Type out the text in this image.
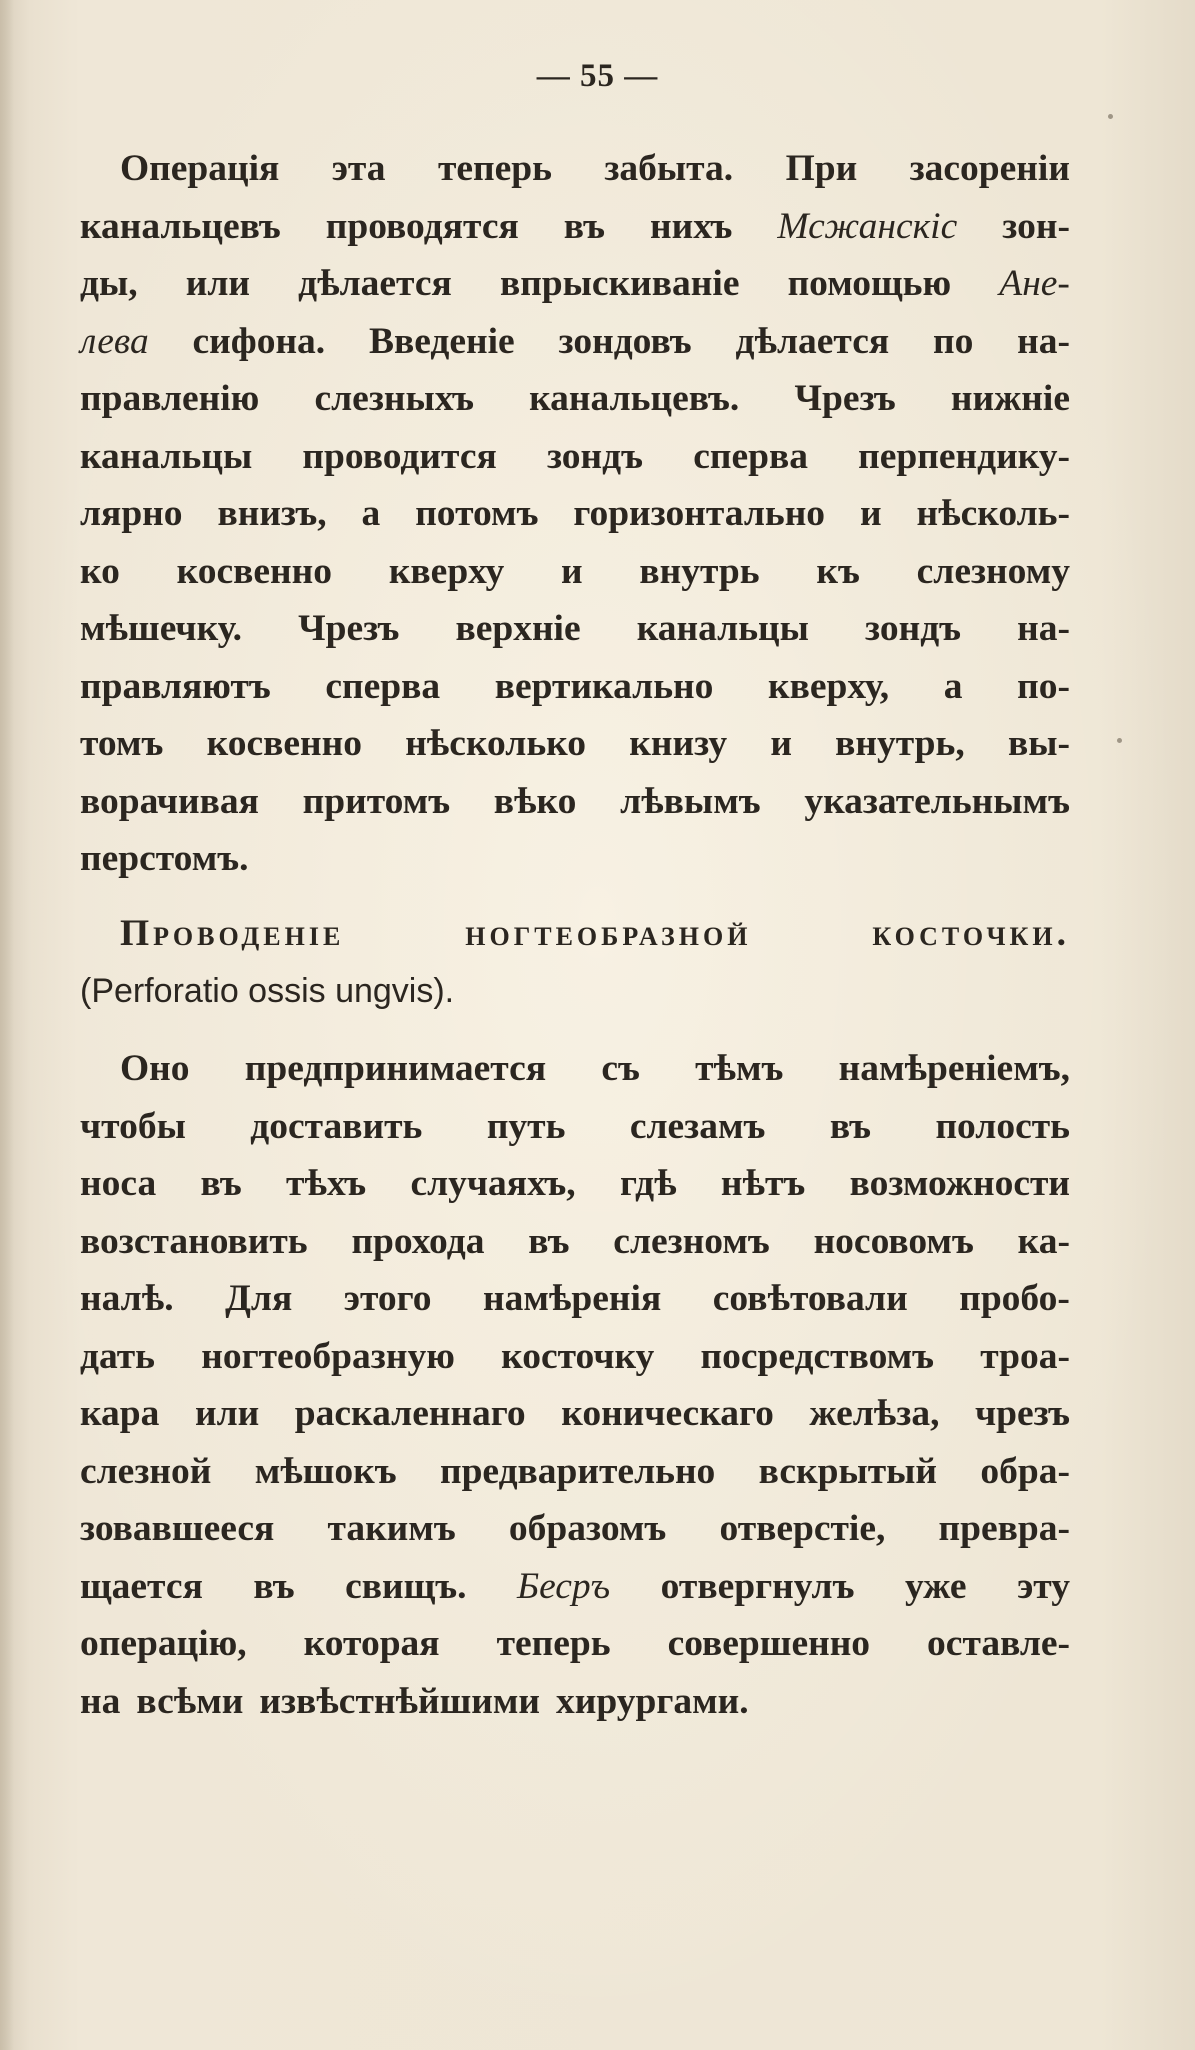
— 55 —
Операція эта теперь забыта. При засореніи
канальцевъ проводятся въ нихъ Мсжанскіс зон-
ды, или дѣлается впрыскиваніе помощью Ане-
лева сифона. Введеніе зондовъ дѣлается по на-
правленію слезныхъ канальцевъ. Чрезъ нижніе
канальцы проводится зондъ сперва перпендику-
лярно внизъ, а потомъ горизонтально и нѣсколь-
ко косвенно кверху и внутрь къ слезному
мѣшечку. Чрезъ верхніе канальцы зондъ на-
правляютъ сперва вертикально кверху, а по-
томъ косвенно нѣсколько книзу и внутрь, вы-
ворачивая притомъ вѣко лѣвымъ указательнымъ
перстомъ.
Проводеніе	ногтеобразной	косточки.
(Perforatio ossis ungvis).
Оно предпринимается съ тѣмъ намѣреніемъ,
чтобы доставить путь слезамъ въ полость
носа въ тѣхъ случаяхъ, гдѣ нѣтъ возможности
возстановить прохода въ слезномъ носовомъ ка-
налѣ. Для этого намѣренія совѣтовали пробо-
дать ногтеобразную косточку посредствомъ троа-
кара или раскаленнаго коническаго желѣза, чрезъ
слезной мѣшокъ предварительно вскрытый обра-
зовавшееся такимъ образомъ отверстіе, превра-
щается въ свищъ. Бесръ отвергнулъ уже эту
операцію, которая теперь совершенно оставле-
на всѣми извѣстнѣйшими хирургами.
